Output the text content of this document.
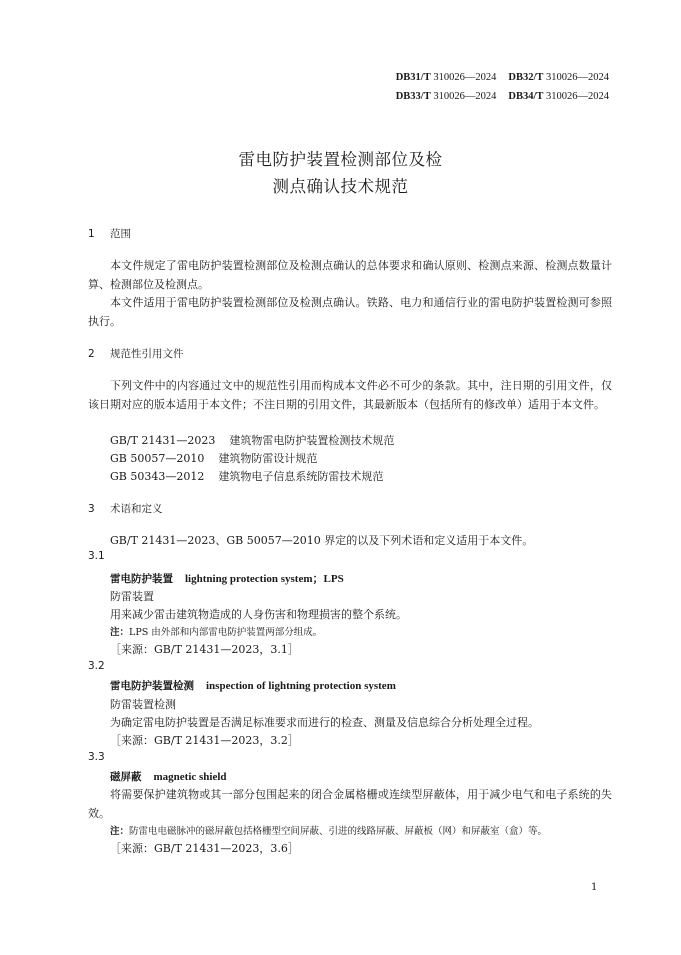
DB31/T 310026—2024 DB32/T 310026—2024
DB33/T 310026—2024 DB34/T 310026—2024
雷电防护装置检测部位及检
测点确认技术规范
1 范围
本文件规定了雷电防护装置检测部位及检测点确认的总体要求和确认原则、检测点来源、检测点数量计算、检测部位及检测点。
本文件适用于雷电防护装置检测部位及检测点确认。铁路、电力和通信行业的雷电防护装置检测可参照执行。
2 规范性引用文件
下列文件中的内容通过文中的规范性引用而构成本文件必不可少的条款。其中，注日期的引用文件，仅该日期对应的版本适用于本文件；不注日期的引用文件，其最新版本（包括所有的修改单）适用于本文件。
GB/T 21431—2023 建筑物雷电防护装置检测技术规范
GB 50057—2010 建筑物防雷设计规范
GB 50343—2012 建筑物电子信息系统防雷技术规范
3 术语和定义
GB/T 21431—2023、GB 50057—2010 界定的以及下列术语和定义适用于本文件。
3.1
雷电防护装置 lightning protection system；LPS
防雷装置
用来减少雷击建筑物造成的人身伤害和物理损害的整个系统。
注：LPS 由外部和内部雷电防护装置两部分组成。
［来源：GB/T 21431—2023，3.1］
3.2
雷电防护装置检测 inspection of lightning protection system
防雷装置检测
为确定雷电防护装置是否满足标准要求而进行的检查、测量及信息综合分析处理全过程。
［来源：GB/T 21431—2023，3.2］
3.3
磁屏蔽 magnetic shield
将需要保护建筑物或其一部分包围起来的闭合金属格栅或连续型屏蔽体，用于减少电气和电子系统的失效。
注：防雷电电磁脉冲的磁屏蔽包括格栅型空间屏蔽、引进的线路屏蔽、屏蔽板（网）和屏蔽室（盒）等。
［来源：GB/T 21431—2023，3.6］
1
